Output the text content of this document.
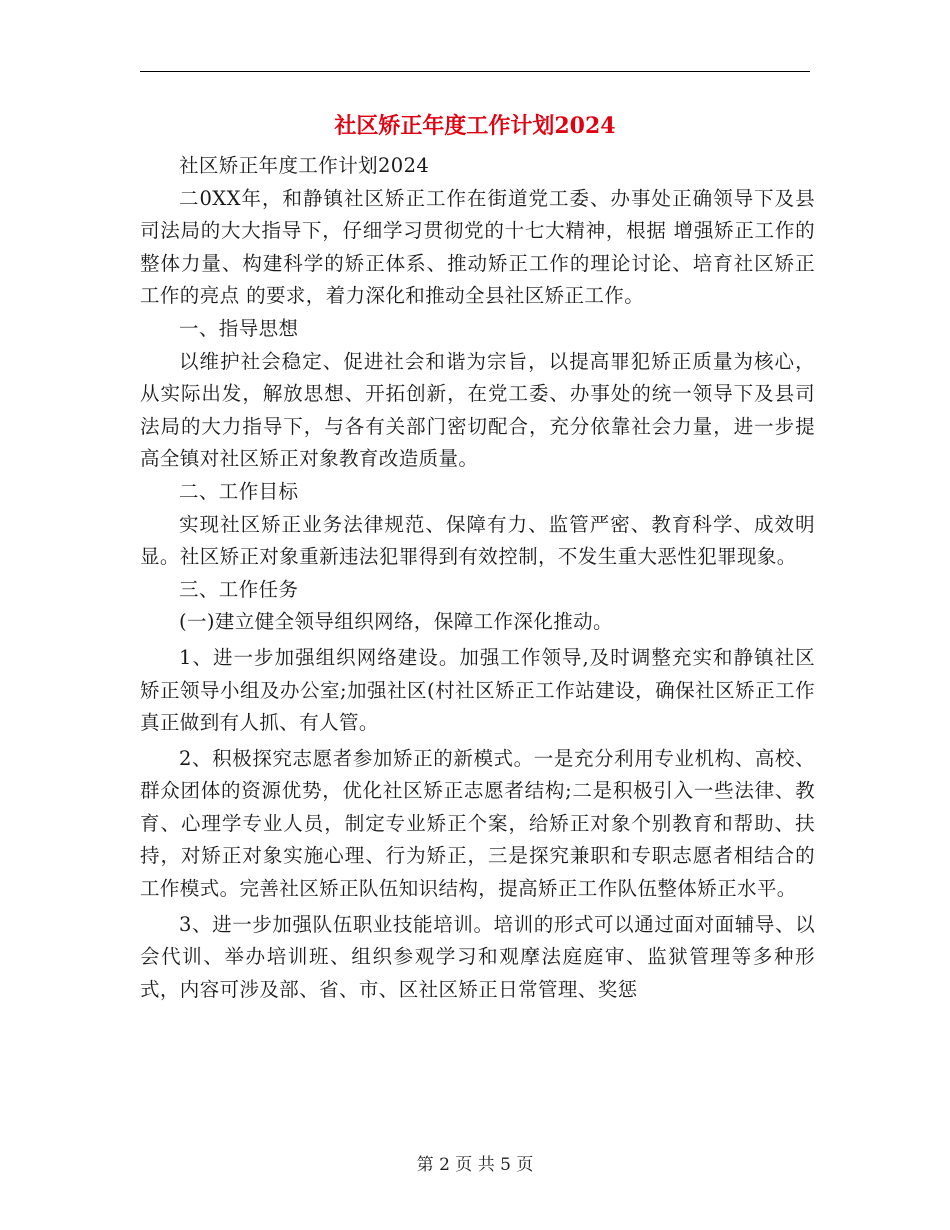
社区矫正年度工作计划2024

社区矫正年度工作计划2024

二0XX年，和静镇社区矫正工作在街道党工委、办事处正确领导下及县司法局的大大指导下，仔细学习贯彻党的十七大精神，根据 增强矫正工作的整体力量、构建科学的矫正体系、推动矫正工作的理论讨论、培育社区矫正工作的亮点 的要求，着力深化和推动全县社区矫正工作。

一、指导思想

以维护社会稳定、促进社会和谐为宗旨，以提高罪犯矫正质量为核心，从实际出发，解放思想、开拓创新，在党工委、办事处的统一领导下及县司法局的大力指导下，与各有关部门密切配合，充分依靠社会力量，进一步提高全镇对社区矫正对象教育改造质量。

二、工作目标

实现社区矫正业务法律规范、保障有力、监管严密、教育科学、成效明显。社区矫正对象重新违法犯罪得到有效控制，不发生重大恶性犯罪现象。

三、工作任务

(一)建立健全领导组织网络，保障工作深化推动。

1、进一步加强组织网络建设。加强工作领导,及时调整充实和静镇社区矫正领导小组及办公室;加强社区(村社区矫正工作站建设，确保社区矫正工作真正做到有人抓、有人管。

2、积极探究志愿者参加矫正的新模式。一是充分利用专业机构、高校、群众团体的资源优势，优化社区矫正志愿者结构;二是积极引入一些法律、教育、心理学专业人员，制定专业矫正个案，给矫正对象个别教育和帮助、扶持，对矫正对象实施心理、行为矫正，三是探究兼职和专职志愿者相结合的工作模式。完善社区矫正队伍知识结构，提高矫正工作队伍整体矫正水平。

3、进一步加强队伍职业技能培训。培训的形式可以通过面对面辅导、以会代训、举办培训班、组织参观学习和观摩法庭庭审、监狱管理等多种形式，内容可涉及部、省、市、区社区矫正日常管理、奖惩

第 2 页 共 5 页
